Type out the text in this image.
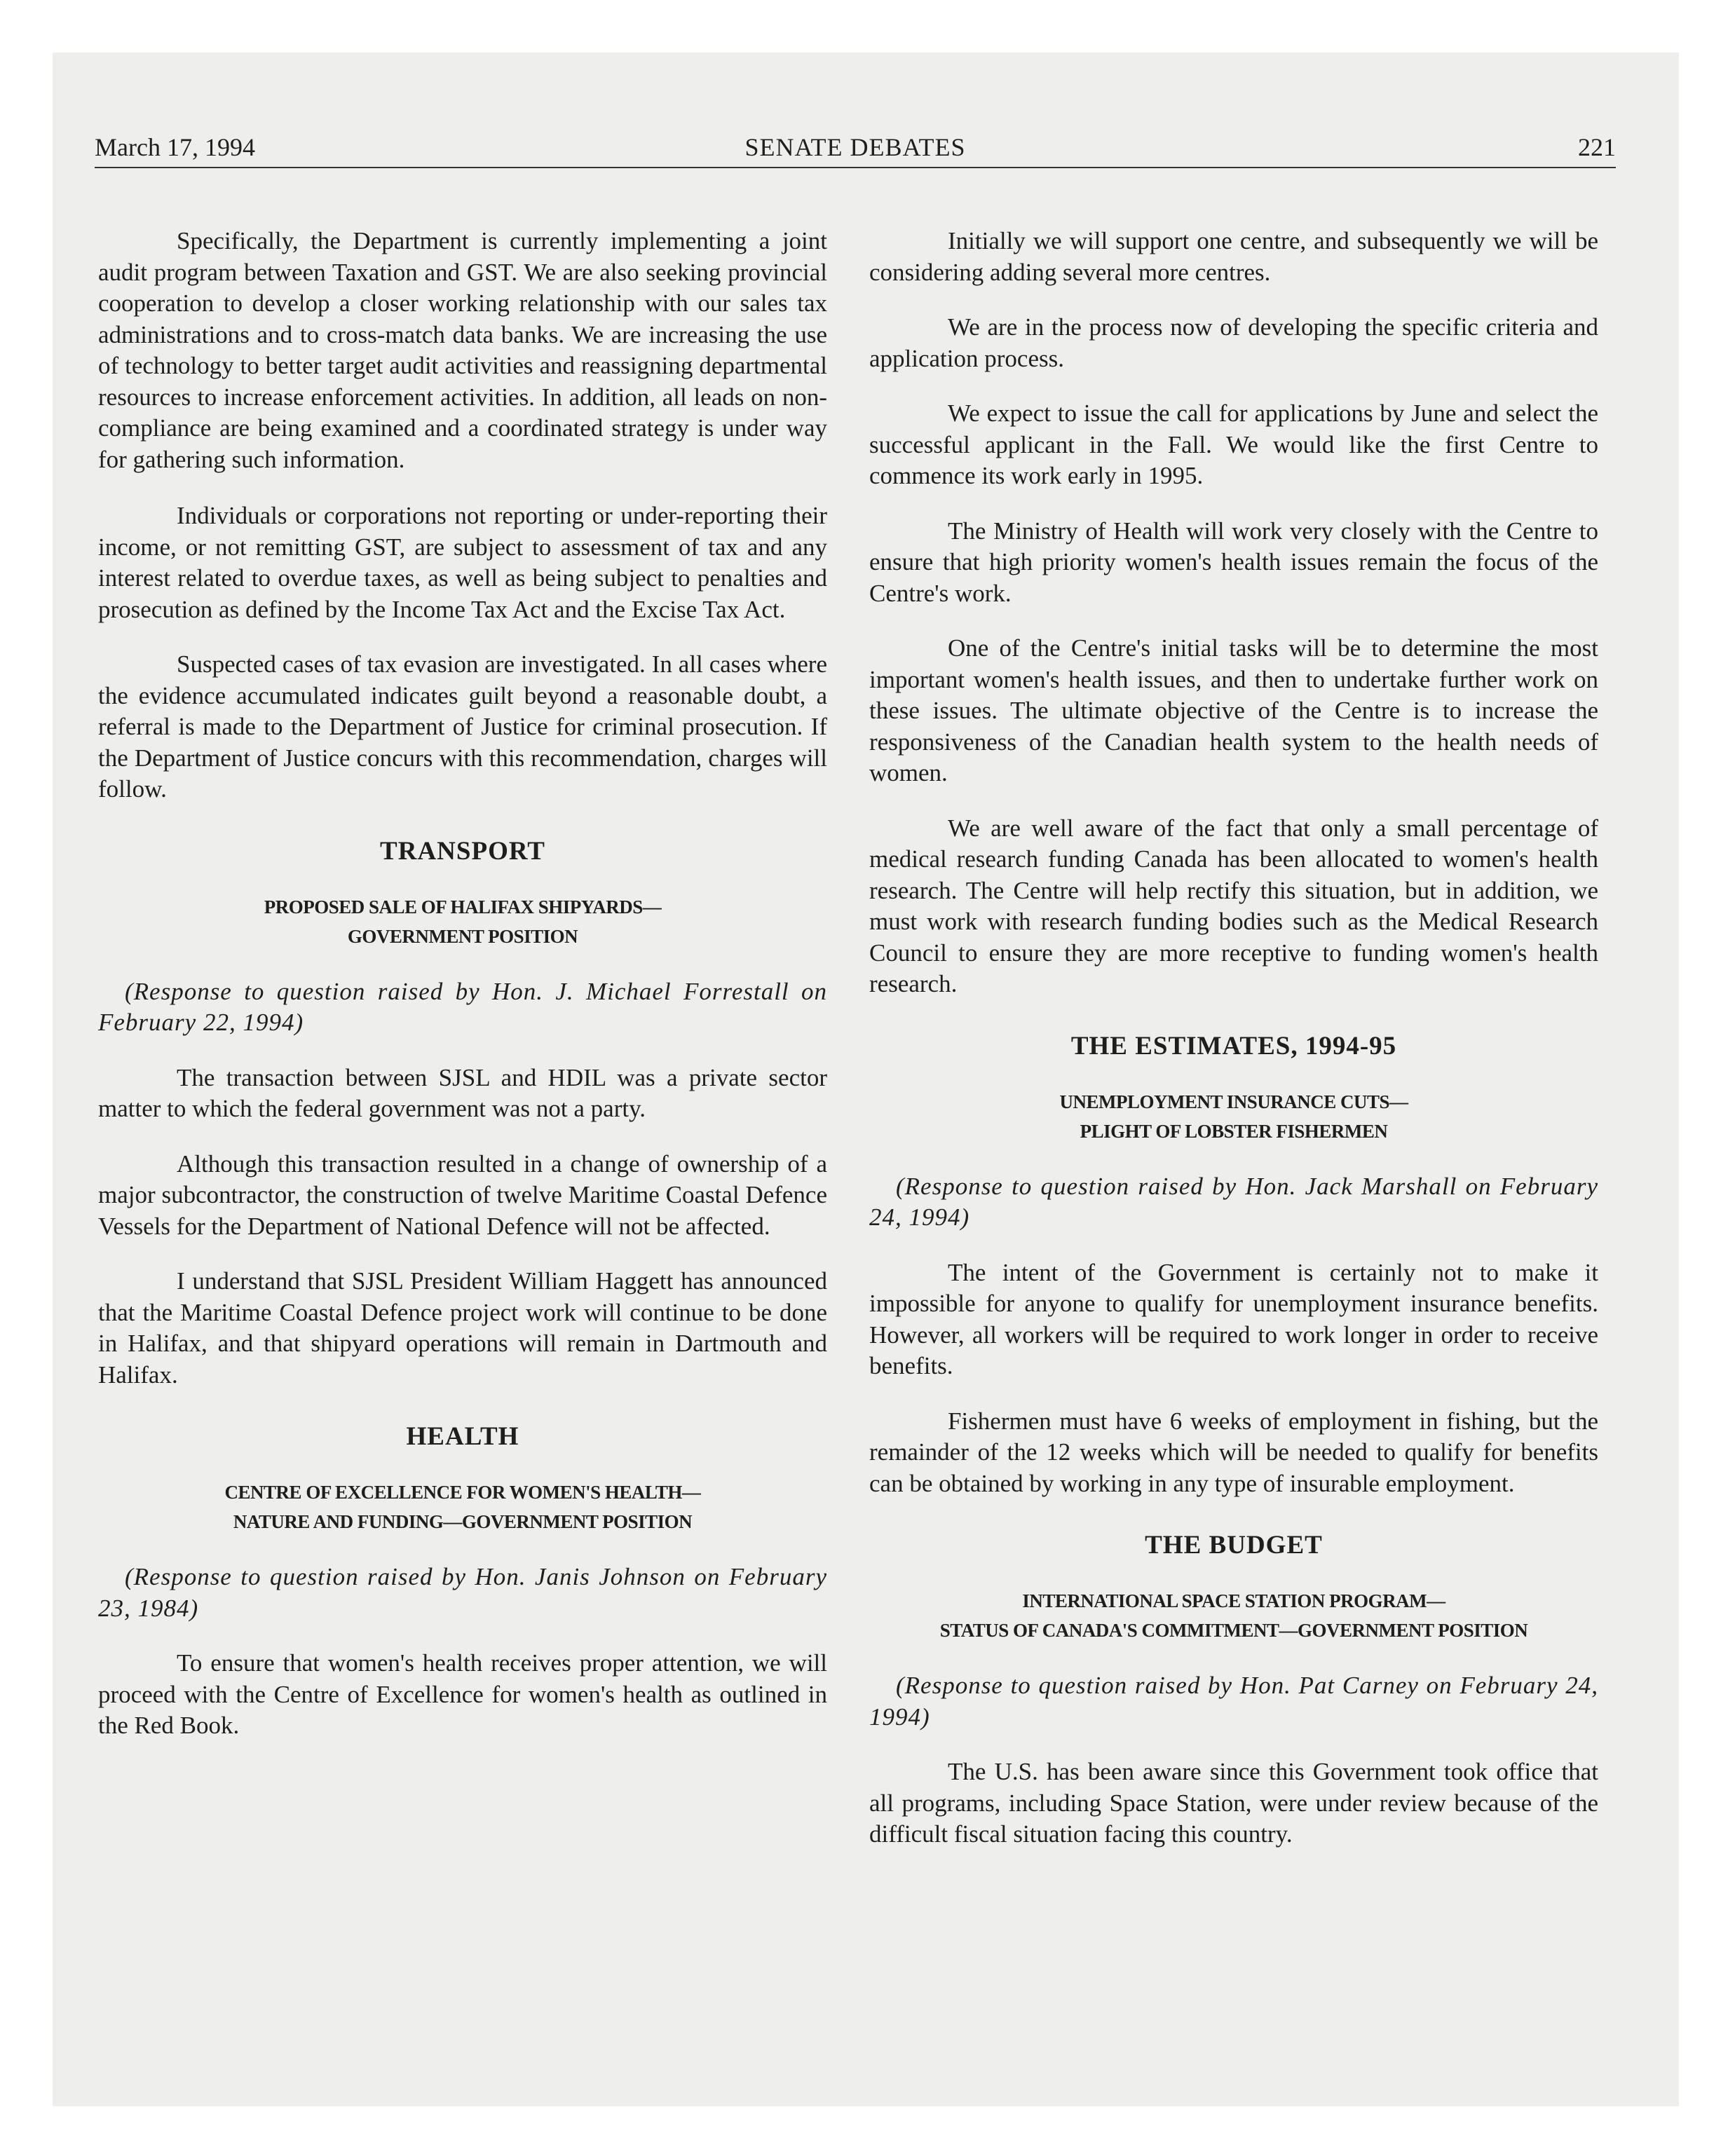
March 17, 1994	SENATE DEBATES	221

Specifically, the Department is currently implementing a joint audit program between Taxation and GST. We are also seeking provincial cooperation to develop a closer working relationship with our sales tax administrations and to cross-match data banks. We are increasing the use of technology to better target audit activities and reassigning departmental resources to increase enforcement activities. In addition, all leads on non-compliance are being examined and a coordinated strategy is under way for gathering such information.

Individuals or corporations not reporting or under-reporting their income, or not remitting GST, are subject to assessment of tax and any interest related to overdue taxes, as well as being subject to penalties and prosecution as defined by the Income Tax Act and the Excise Tax Act.

Suspected cases of tax evasion are investigated. In all cases where the evidence accumulated indicates guilt beyond a reasonable doubt, a referral is made to the Department of Justice for criminal prosecution. If the Department of Justice concurs with this recommendation, charges will follow.

TRANSPORT
PROPOSED SALE OF HALIFAX SHIPYARDS—
GOVERNMENT POSITION
(Response to question raised by Hon. J. Michael Forrestall on February 22, 1994)

The transaction between SJSL and HDIL was a private sector matter to which the federal government was not a party.

Although this transaction resulted in a change of ownership of a major subcontractor, the construction of twelve Maritime Coastal Defence Vessels for the Department of National Defence will not be affected.

I understand that SJSL President William Haggett has announced that the Maritime Coastal Defence project work will continue to be done in Halifax, and that shipyard operations will remain in Dartmouth and Halifax.

HEALTH
CENTRE OF EXCELLENCE FOR WOMEN'S HEALTH—
NATURE AND FUNDING—GOVERNMENT POSITION
(Response to question raised by Hon. Janis Johnson on February 23, 1984)

To ensure that women's health receives proper attention, we will proceed with the Centre of Excellence for women's health as outlined in the Red Book.

Initially we will support one centre, and subsequently we will be considering adding several more centres.

We are in the process now of developing the specific criteria and application process.

We expect to issue the call for applications by June and select the successful applicant in the Fall. We would like the first Centre to commence its work early in 1995.

The Ministry of Health will work very closely with the Centre to ensure that high priority women's health issues remain the focus of the Centre's work.

One of the Centre's initial tasks will be to determine the most important women's health issues, and then to undertake further work on these issues. The ultimate objective of the Centre is to increase the responsiveness of the Canadian health system to the health needs of women.

We are well aware of the fact that only a small percentage of medical research funding Canada has been allocated to women's health research. The Centre will help rectify this situation, but in addition, we must work with research funding bodies such as the Medical Research Council to ensure they are more receptive to funding women's health research.

THE ESTIMATES, 1994-95
UNEMPLOYMENT INSURANCE CUTS—
PLIGHT OF LOBSTER FISHERMEN
(Response to question raised by Hon. Jack Marshall on February 24, 1994)

The intent of the Government is certainly not to make it impossible for anyone to qualify for unemployment insurance benefits. However, all workers will be required to work longer in order to receive benefits.

Fishermen must have 6 weeks of employment in fishing, but the remainder of the 12 weeks which will be needed to qualify for benefits can be obtained by working in any type of insurable employment.

THE BUDGET
INTERNATIONAL SPACE STATION PROGRAM—
STATUS OF CANADA'S COMMITMENT—GOVERNMENT POSITION
(Response to question raised by Hon. Pat Carney on February 24, 1994)

The U.S. has been aware since this Government took office that all programs, including Space Station, were under review because of the difficult fiscal situation facing this country.
